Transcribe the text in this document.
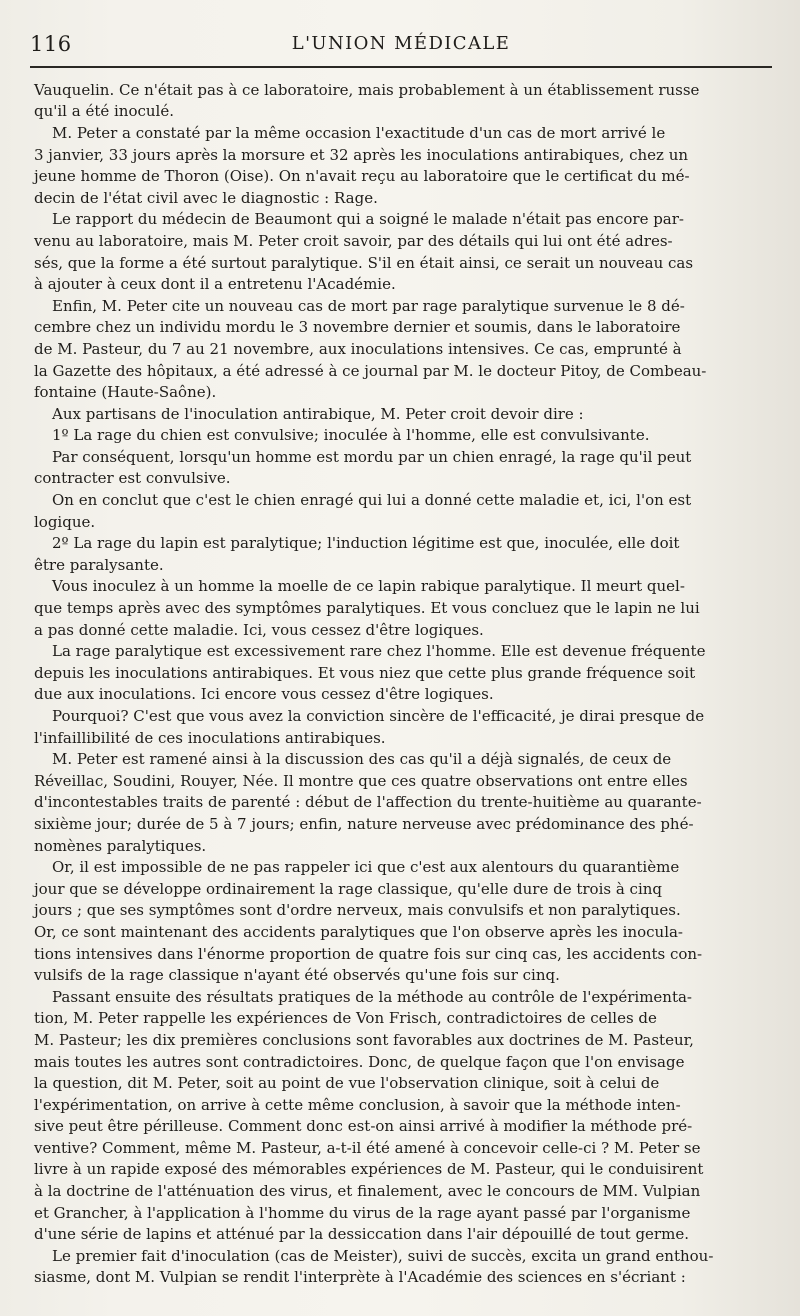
116	L'UNION MÉDICALE
Vauquelin. Ce n'était pas à ce laboratoire, mais probablement à un établissement russe
qu'il a été inoculé.
M. Peter a constaté par la même occasion l'exactitude d'un cas de mort arrivé le
3 janvier, 33 jours après la morsure et 32 après les inoculations antirabiques, chez un
jeune homme de Thoron (Oise). On n'avait reçu au laboratoire que le certificat du mé-
decin de l'état civil avec le diagnostic : Rage.
Le rapport du médecin de Beaumont qui a soigné le malade n'était pas encore par-
venu au laboratoire, mais M. Peter croit savoir, par des détails qui lui ont été adres-
sés, que la forme a été surtout paralytique. S'il en était ainsi, ce serait un nouveau cas
à ajouter à ceux dont il a entretenu l'Académie.
Enfin, M. Peter cite un nouveau cas de mort par rage paralytique survenue le 8 dé-
cembre chez un individu mordu le 3 novembre dernier et soumis, dans le laboratoire
de M. Pasteur, du 7 au 21 novembre, aux inoculations intensives. Ce cas, emprunté à
la Gazette des hôpitaux, a été adressé à ce journal par M. le docteur Pitoy, de Combeau-
fontaine (Haute-Saône).
Aux partisans de l'inoculation antirabique, M. Peter croit devoir dire :
1º La rage du chien est convulsive; inoculée à l'homme, elle est convulsivante.
Par conséquent, lorsqu'un homme est mordu par un chien enragé, la rage qu'il peut
contracter est convulsive.
On en conclut que c'est le chien enragé qui lui a donné cette maladie et, ici, l'on est
logique.
2º La rage du lapin est paralytique; l'induction légitime est que, inoculée, elle doit
être paralysante.
Vous inoculez à un homme la moelle de ce lapin rabique paralytique. Il meurt quel-
que temps après avec des symptômes paralytiques. Et vous concluez que le lapin ne lui
a pas donné cette maladie. Ici, vous cessez d'être logiques.
La rage paralytique est excessivement rare chez l'homme. Elle est devenue fréquente
depuis les inoculations antirabiques. Et vous niez que cette plus grande fréquence soit
due aux inoculations. Ici encore vous cessez d'être logiques.
Pourquoi? C'est que vous avez la conviction sincère de l'efficacité, je dirai presque de
l'infaillibilité de ces inoculations antirabiques.
M. Peter est ramené ainsi à la discussion des cas qu'il a déjà signalés, de ceux de
Réveillac, Soudini, Rouyer, Née. Il montre que ces quatre observations ont entre elles
d'incontestables traits de parenté : début de l'affection du trente-huitième au quarante-
sixième jour; durée de 5 à 7 jours; enfin, nature nerveuse avec prédominance des phé-
nomènes paralytiques.
Or, il est impossible de ne pas rappeler ici que c'est aux alentours du quarantième
jour que se développe ordinairement la rage classique, qu'elle dure de trois à cinq
jours ; que ses symptômes sont d'ordre nerveux, mais convulsifs et non paralytiques.
Or, ce sont maintenant des accidents paralytiques que l'on observe après les inocula-
tions intensives dans l'énorme proportion de quatre fois sur cinq cas, les accidents con-
vulsifs de la rage classique n'ayant été observés qu'une fois sur cinq.
Passant ensuite des résultats pratiques de la méthode au contrôle de l'expérimenta-
tion, M. Peter rappelle les expériences de Von Frisch, contradictoires de celles de
M. Pasteur; les dix premières conclusions sont favorables aux doctrines de M. Pasteur,
mais toutes les autres sont contradictoires. Donc, de quelque façon que l'on envisage
la question, dit M. Peter, soit au point de vue l'observation clinique, soit à celui de
l'expérimentation, on arrive à cette même conclusion, à savoir que la méthode inten-
sive peut être périlleuse. Comment donc est-on ainsi arrivé à modifier la méthode pré-
ventive? Comment, même M. Pasteur, a-t-il été amené à concevoir celle-ci ? M. Peter se
livre à un rapide exposé des mémorables expériences de M. Pasteur, qui le conduisirent
à la doctrine de l'atténuation des virus, et finalement, avec le concours de MM. Vulpian
et Grancher, à l'application à l'homme du virus de la rage ayant passé par l'organisme
d'une série de lapins et atténué par la dessiccation dans l'air dépouillé de tout germe.
Le premier fait d'inoculation (cas de Meister), suivi de succès, excita un grand enthou-
siasme, dont M. Vulpian se rendit l'interprète à l'Académie des sciences en s'écriant :
